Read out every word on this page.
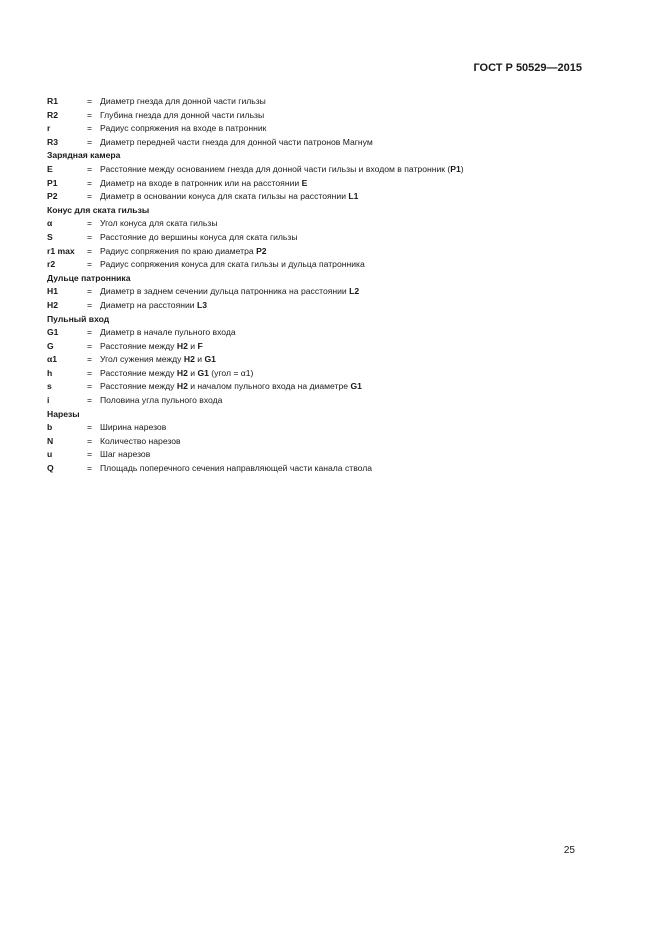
ГОСТ Р 50529—2015
R1	= Диаметр гнезда для донной части гильзы
R2	= Глубина гнезда для донной части гильзы
r	= Радиус сопряжения на входе в патронник
R3	= Диаметр передней части гнезда для донной части патронов Магнум
Зарядная камера
E	= Расстояние между основанием гнезда для донной части гильзы и входом в патронник (P1)
P1	= Диаметр на входе в патронник или на расстоянии E
P2	= Диаметр в основании конуса для ската гильзы на расстоянии L1
Конус для ската гильзы
α	= Угол конуса для ската гильзы
S	= Расстояние до вершины конуса для ската гильзы
r1 max	= Радиус сопряжения по краю диаметра P2
r2	= Радиус сопряжения конуса для ската гильзы и дульца патронника
Дульце патронника
H1	= Диаметр в заднем сечении дульца патронника на расстоянии L2
H2	= Диаметр на расстоянии L3
Пульный вход
G1	= Диаметр в начале пульного входа
G	= Расстояние между H2 и F
α1	= Угол сужения между H2 и G1
h	= Расстояние между H2 и G1 (угол = α1)
s	= Расстояние между H2 и началом пульного входа на диаметре G1
i	= Половина угла пульного входа
Нарезы
b	= Ширина нарезов
N	= Количество нарезов
u	= Шаг нарезов
Q	= Площадь поперечного сечения направляющей части канала ствола
25
